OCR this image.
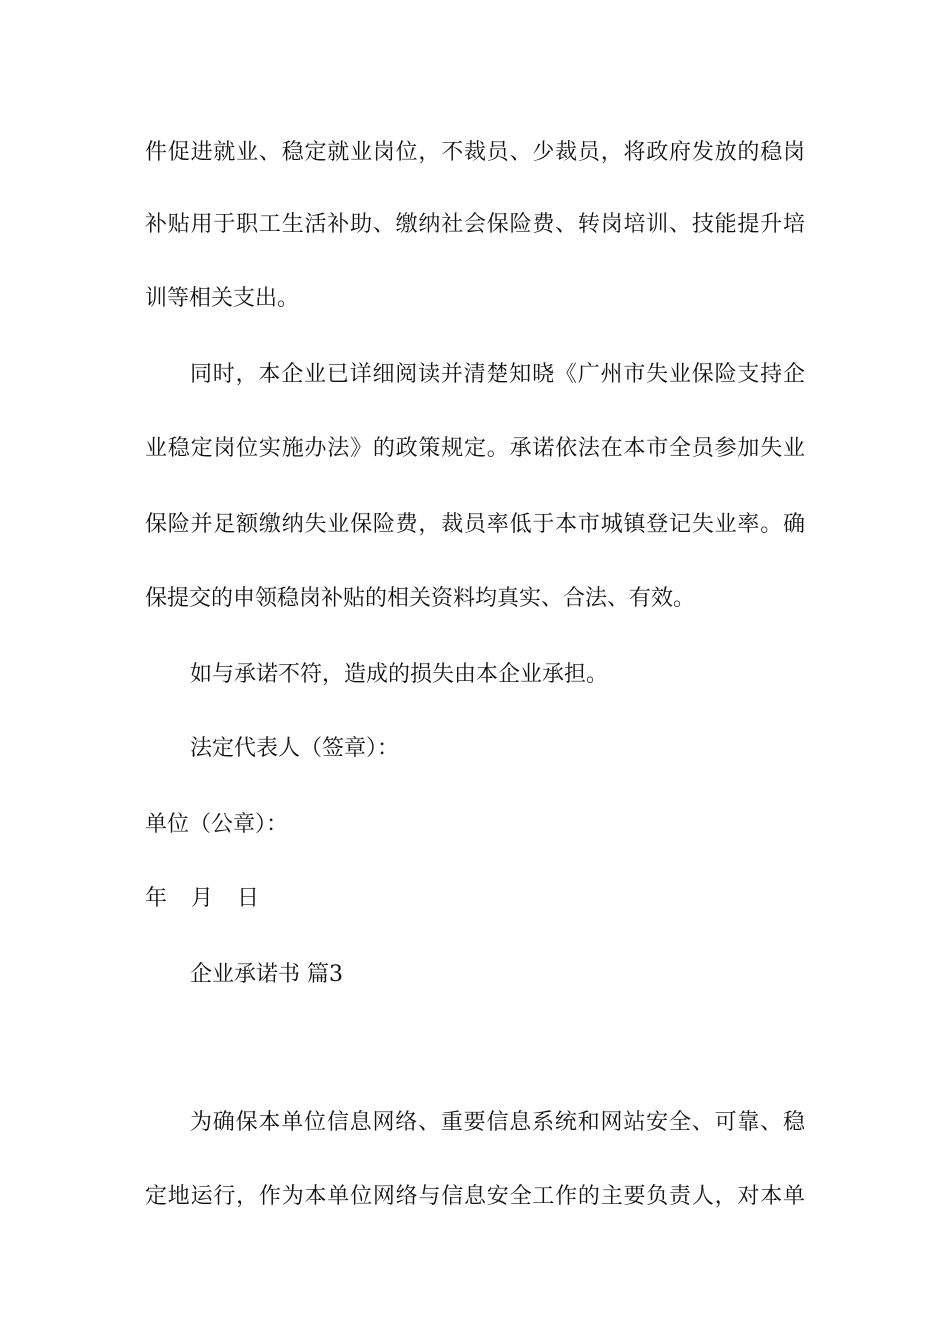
件促进就业、稳定就业岗位，不裁员、少裁员，将政府发放的稳岗
补贴用于职工生活补助、缴纳社会保险费、转岗培训、技能提升培
训等相关支出。
同时，本企业已详细阅读并清楚知晓《广州市失业保险支持企
业稳定岗位实施办法》的政策规定。承诺依法在本市全员参加失业
保险并足额缴纳失业保险费，裁员率低于本市城镇登记失业率。确
保提交的申领稳岗补贴的相关资料均真实、合法、有效。
如与承诺不符，造成的损失由本企业承担。
法定代表人（签章）：
单位（公章）：
年 月 日
企业承诺书 篇3
为确保本单位信息网络、重要信息系统和网站安全、可靠、稳
定地运行，作为本单位网络与信息安全工作的主要负责人，对本单
